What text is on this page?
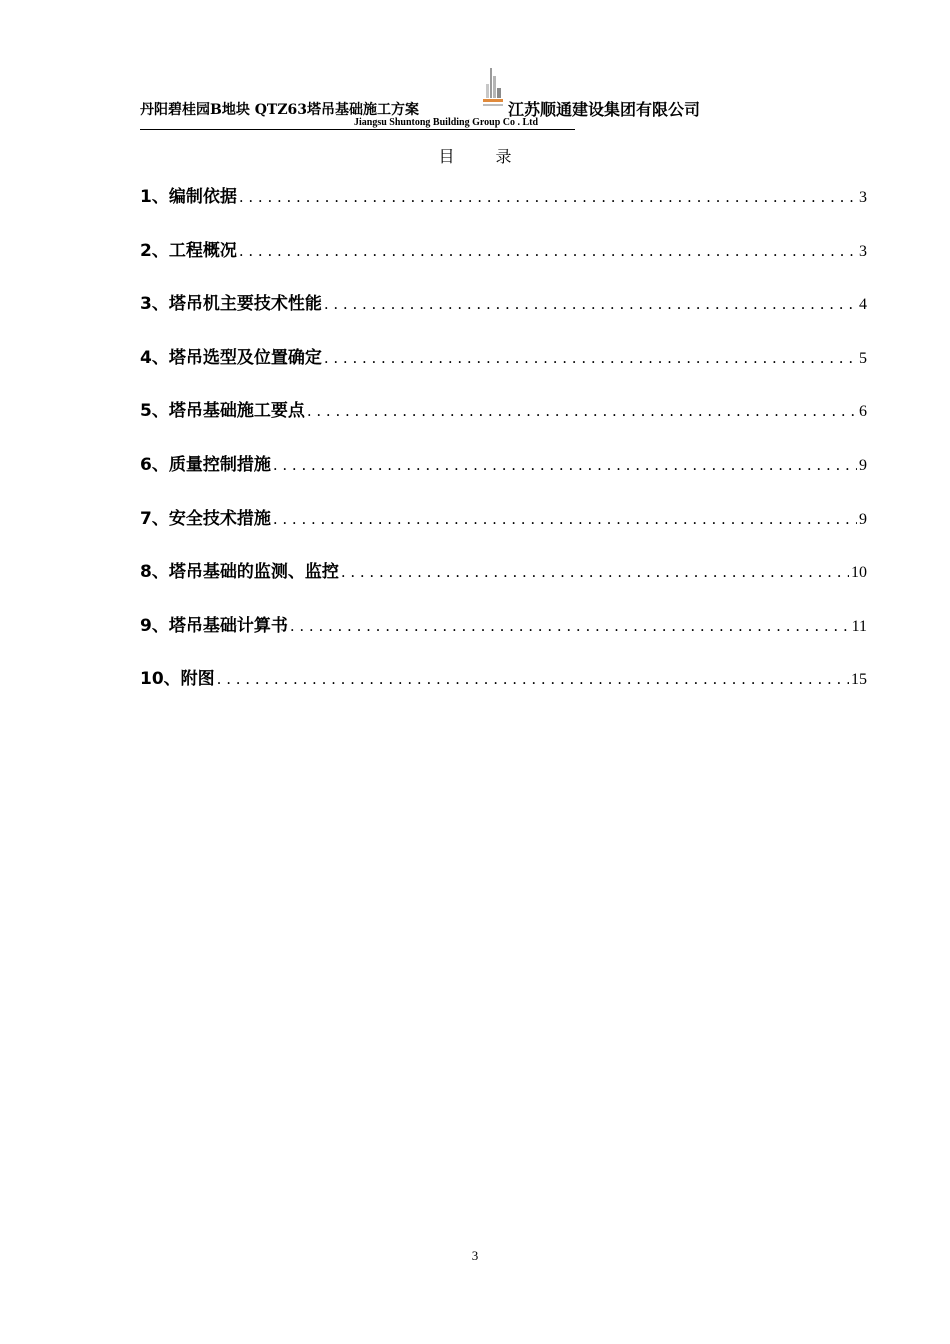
丹阳碧桂园B地块 QTZ63塔吊基础施工方案	江苏顺通建设集团有限公司
Jiangsu Shuntong Building Group Co . Ltd
目 录
1、编制依据 . . .	3
2、工程概况 . . .	3
3、塔吊机主要技术性能 . . .	4
4、塔吊选型及位置确定 . . .	5
5、塔吊基础施工要点 . . .	6
6、质量控制措施 . . .	9
7、安全技术措施 . . .	9
8、塔吊基础的监测、监控 . . .	10
9、塔吊基础计算书 . . .	11
10、附图 . . .	15
3
